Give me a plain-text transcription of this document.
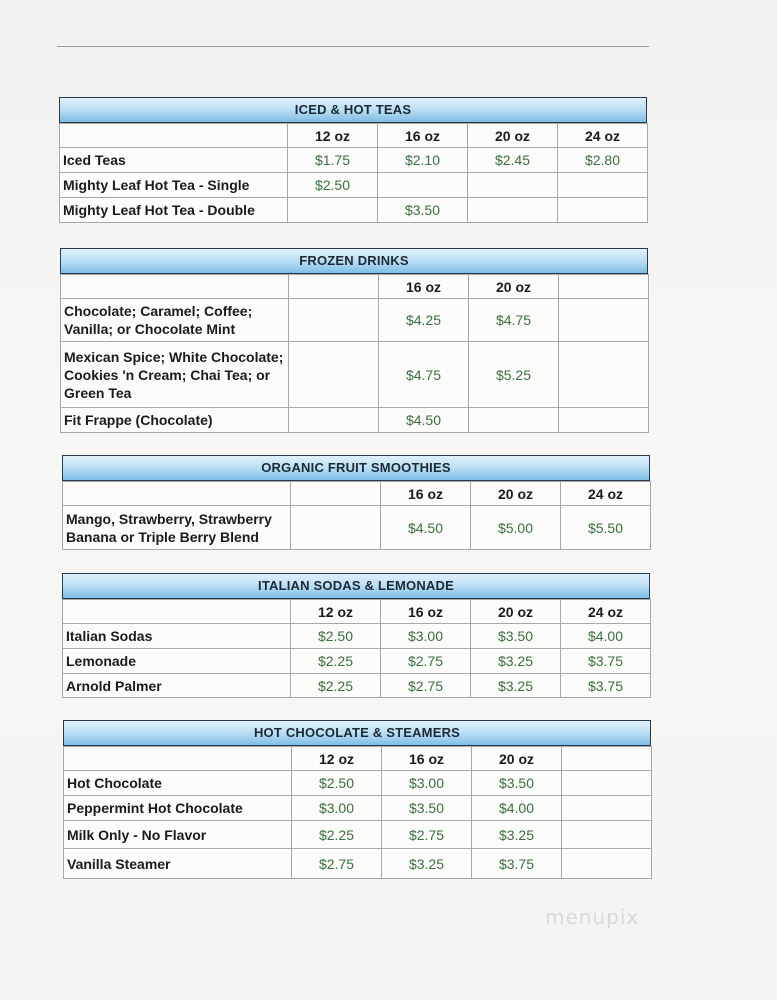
ICED & HOT TEAS
	12 oz	16 oz	20 oz	24 oz
Iced Teas	$1.75	$2.10	$2.45	$2.80
Mighty Leaf Hot Tea - Single	$2.50			
Mighty Leaf Hot Tea - Double		$3.50		
FROZEN DRINKS
		16 oz	20 oz	
Chocolate; Caramel; Coffee; Vanilla; or Chocolate Mint		$4.25	$4.75	
Mexican Spice; White Chocolate; Cookies 'n Cream; Chai Tea; or Green Tea		$4.75	$5.25	
Fit Frappe (Chocolate)		$4.50		
ORGANIC FRUIT SMOOTHIES
		16 oz	20 oz	24 oz
Mango, Strawberry, Strawberry Banana or Triple Berry Blend		$4.50	$5.00	$5.50
ITALIAN SODAS & LEMONADE
	12 oz	16 oz	20 oz	24 oz
Italian Sodas	$2.50	$3.00	$3.50	$4.00
Lemonade	$2.25	$2.75	$3.25	$3.75
Arnold Palmer	$2.25	$2.75	$3.25	$3.75
HOT CHOCOLATE & STEAMERS
	12 oz	16 oz	20 oz	
Hot Chocolate	$2.50	$3.00	$3.50	
Peppermint Hot Chocolate	$3.00	$3.50	$4.00	
Milk Only - No Flavor	$2.25	$2.75	$3.25	
Vanilla Steamer	$2.75	$3.25	$3.75	
menupix
